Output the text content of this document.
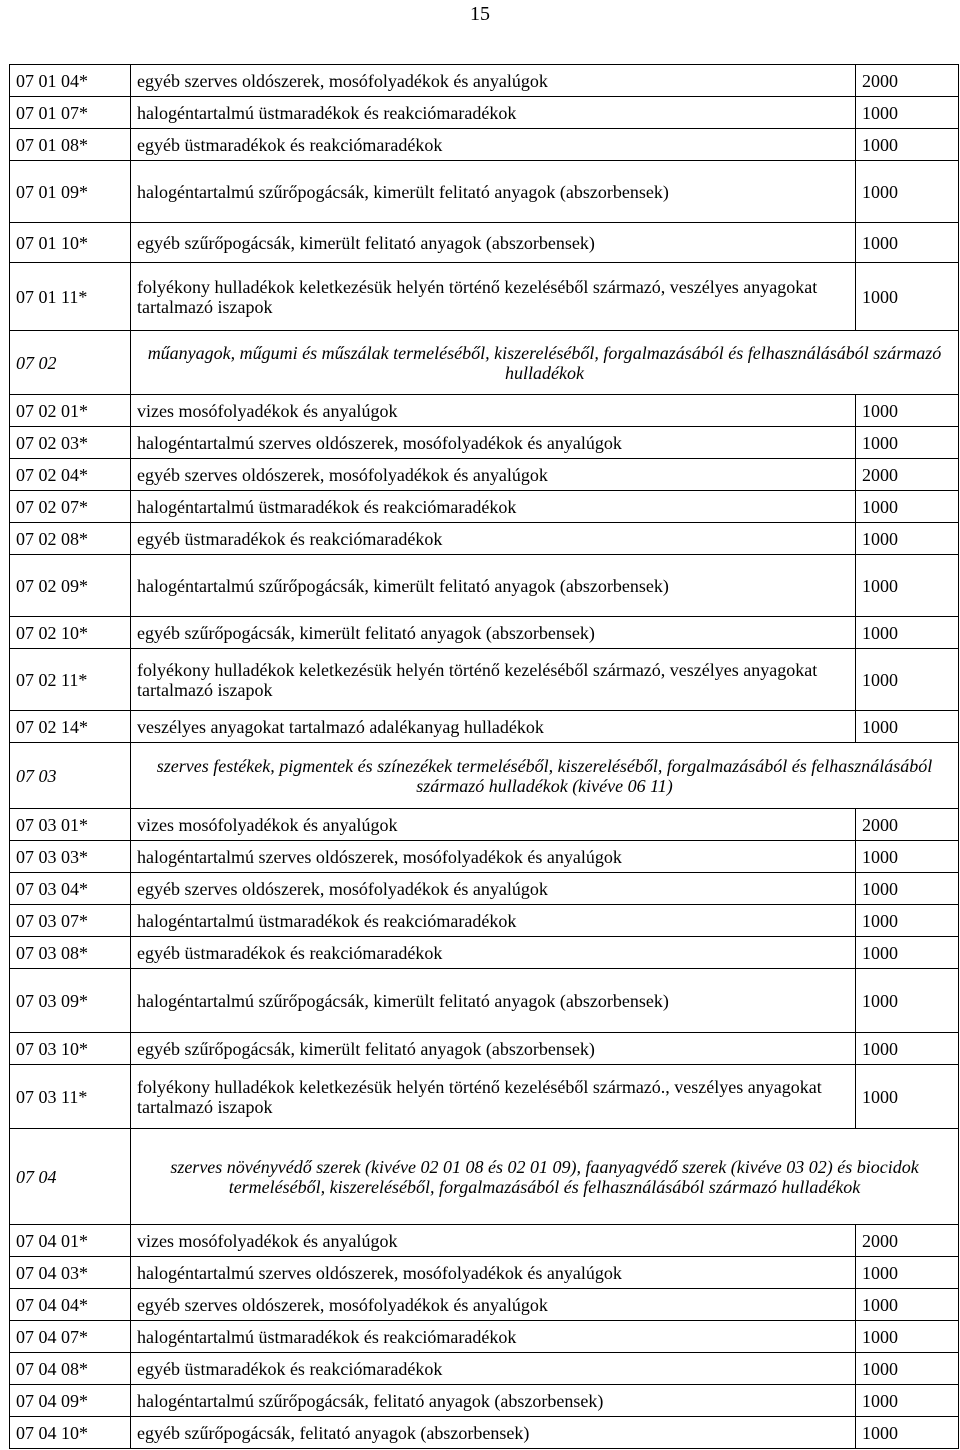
15
07 01 04*	egyéb szerves oldószerek, mosófolyadékok és anyalúgok	2000
07 01 07*	halogéntartalmú üstmaradékok és reakciómaradékok	1000
07 01 08*	egyéb üstmaradékok és reakciómaradékok	1000
07 01 09*	halogéntartalmú szűrőpogácsák, kimerült felitató anyagok (abszorbensek)	1000
07 01 10*	egyéb szűrőpogácsák, kimerült felitató anyagok (abszorbensek)	1000
07 01 11*	folyékony hulladékok keletkezésük helyén történő kezeléséből származó, veszélyes anyagokat tartalmazó iszapok	1000
07 02	műanyagok, műgumi és műszálak termeléséből, kiszereléséből, forgalmazásából és felhasználásából származó hulladékok	
07 02 01*	vizes mosófolyadékok és anyalúgok	1000
07 02 03*	halogéntartalmú szerves oldószerek, mosófolyadékok és anyalúgok	1000
07 02 04*	egyéb szerves oldószerek, mosófolyadékok és anyalúgok	2000
07 02 07*	halogéntartalmú üstmaradékok és reakciómaradékok	1000
07 02 08*	egyéb üstmaradékok és reakciómaradékok	1000
07 02 09*	halogéntartalmú szűrőpogácsák, kimerült felitató anyagok (abszorbensek)	1000
07 02 10*	egyéb szűrőpogácsák, kimerült felitató anyagok (abszorbensek)	1000
07 02 11*	folyékony hulladékok keletkezésük helyén történő kezeléséből származó, veszélyes anyagokat tartalmazó iszapok	1000
07 02 14*	veszélyes anyagokat tartalmazó adalékanyag hulladékok	1000
07 03	szerves festékek, pigmentek és színezékek termeléséből, kiszereléséből, forgalmazásából és felhasználásából származó hulladékok (kivéve 06 11)	
07 03 01*	vizes mosófolyadékok és anyalúgok	2000
07 03 03*	halogéntartalmú szerves oldószerek, mosófolyadékok és anyalúgok	1000
07 03 04*	egyéb szerves oldószerek, mosófolyadékok és anyalúgok	1000
07 03 07*	halogéntartalmú üstmaradékok és reakciómaradékok	1000
07 03 08*	egyéb üstmaradékok és reakciómaradékok	1000
07 03 09*	halogéntartalmú szűrőpogácsák, kimerült felitató anyagok (abszorbensek)	1000
07 03 10*	egyéb szűrőpogácsák, kimerült felitató anyagok (abszorbensek)	1000
07 03 11*	folyékony hulladékok keletkezésük helyén történő kezeléséből származó., veszélyes anyagokat tartalmazó iszapok	1000
07 04	szerves növényvédő szerek (kivéve 02 01 08 és 02 01 09), faanyagvédő szerek (kivéve 03 02) és biocidok termeléséből, kiszereléséből, forgalmazásából és felhasználásából származó hulladékok	
07 04 01*	vizes mosófolyadékok és anyalúgok	2000
07 04 03*	halogéntartalmú szerves oldószerek, mosófolyadékok és anyalúgok	1000
07 04 04*	egyéb szerves oldószerek, mosófolyadékok és anyalúgok	1000
07 04 07*	halogéntartalmú üstmaradékok és reakciómaradékok	1000
07 04 08*	egyéb üstmaradékok és reakciómaradékok	1000
07 04 09*	halogéntartalmú szűrőpogácsák, felitató anyagok (abszorbensek)	1000
07 04 10*	egyéb szűrőpogácsák, felitató anyagok (abszorbensek)	1000
